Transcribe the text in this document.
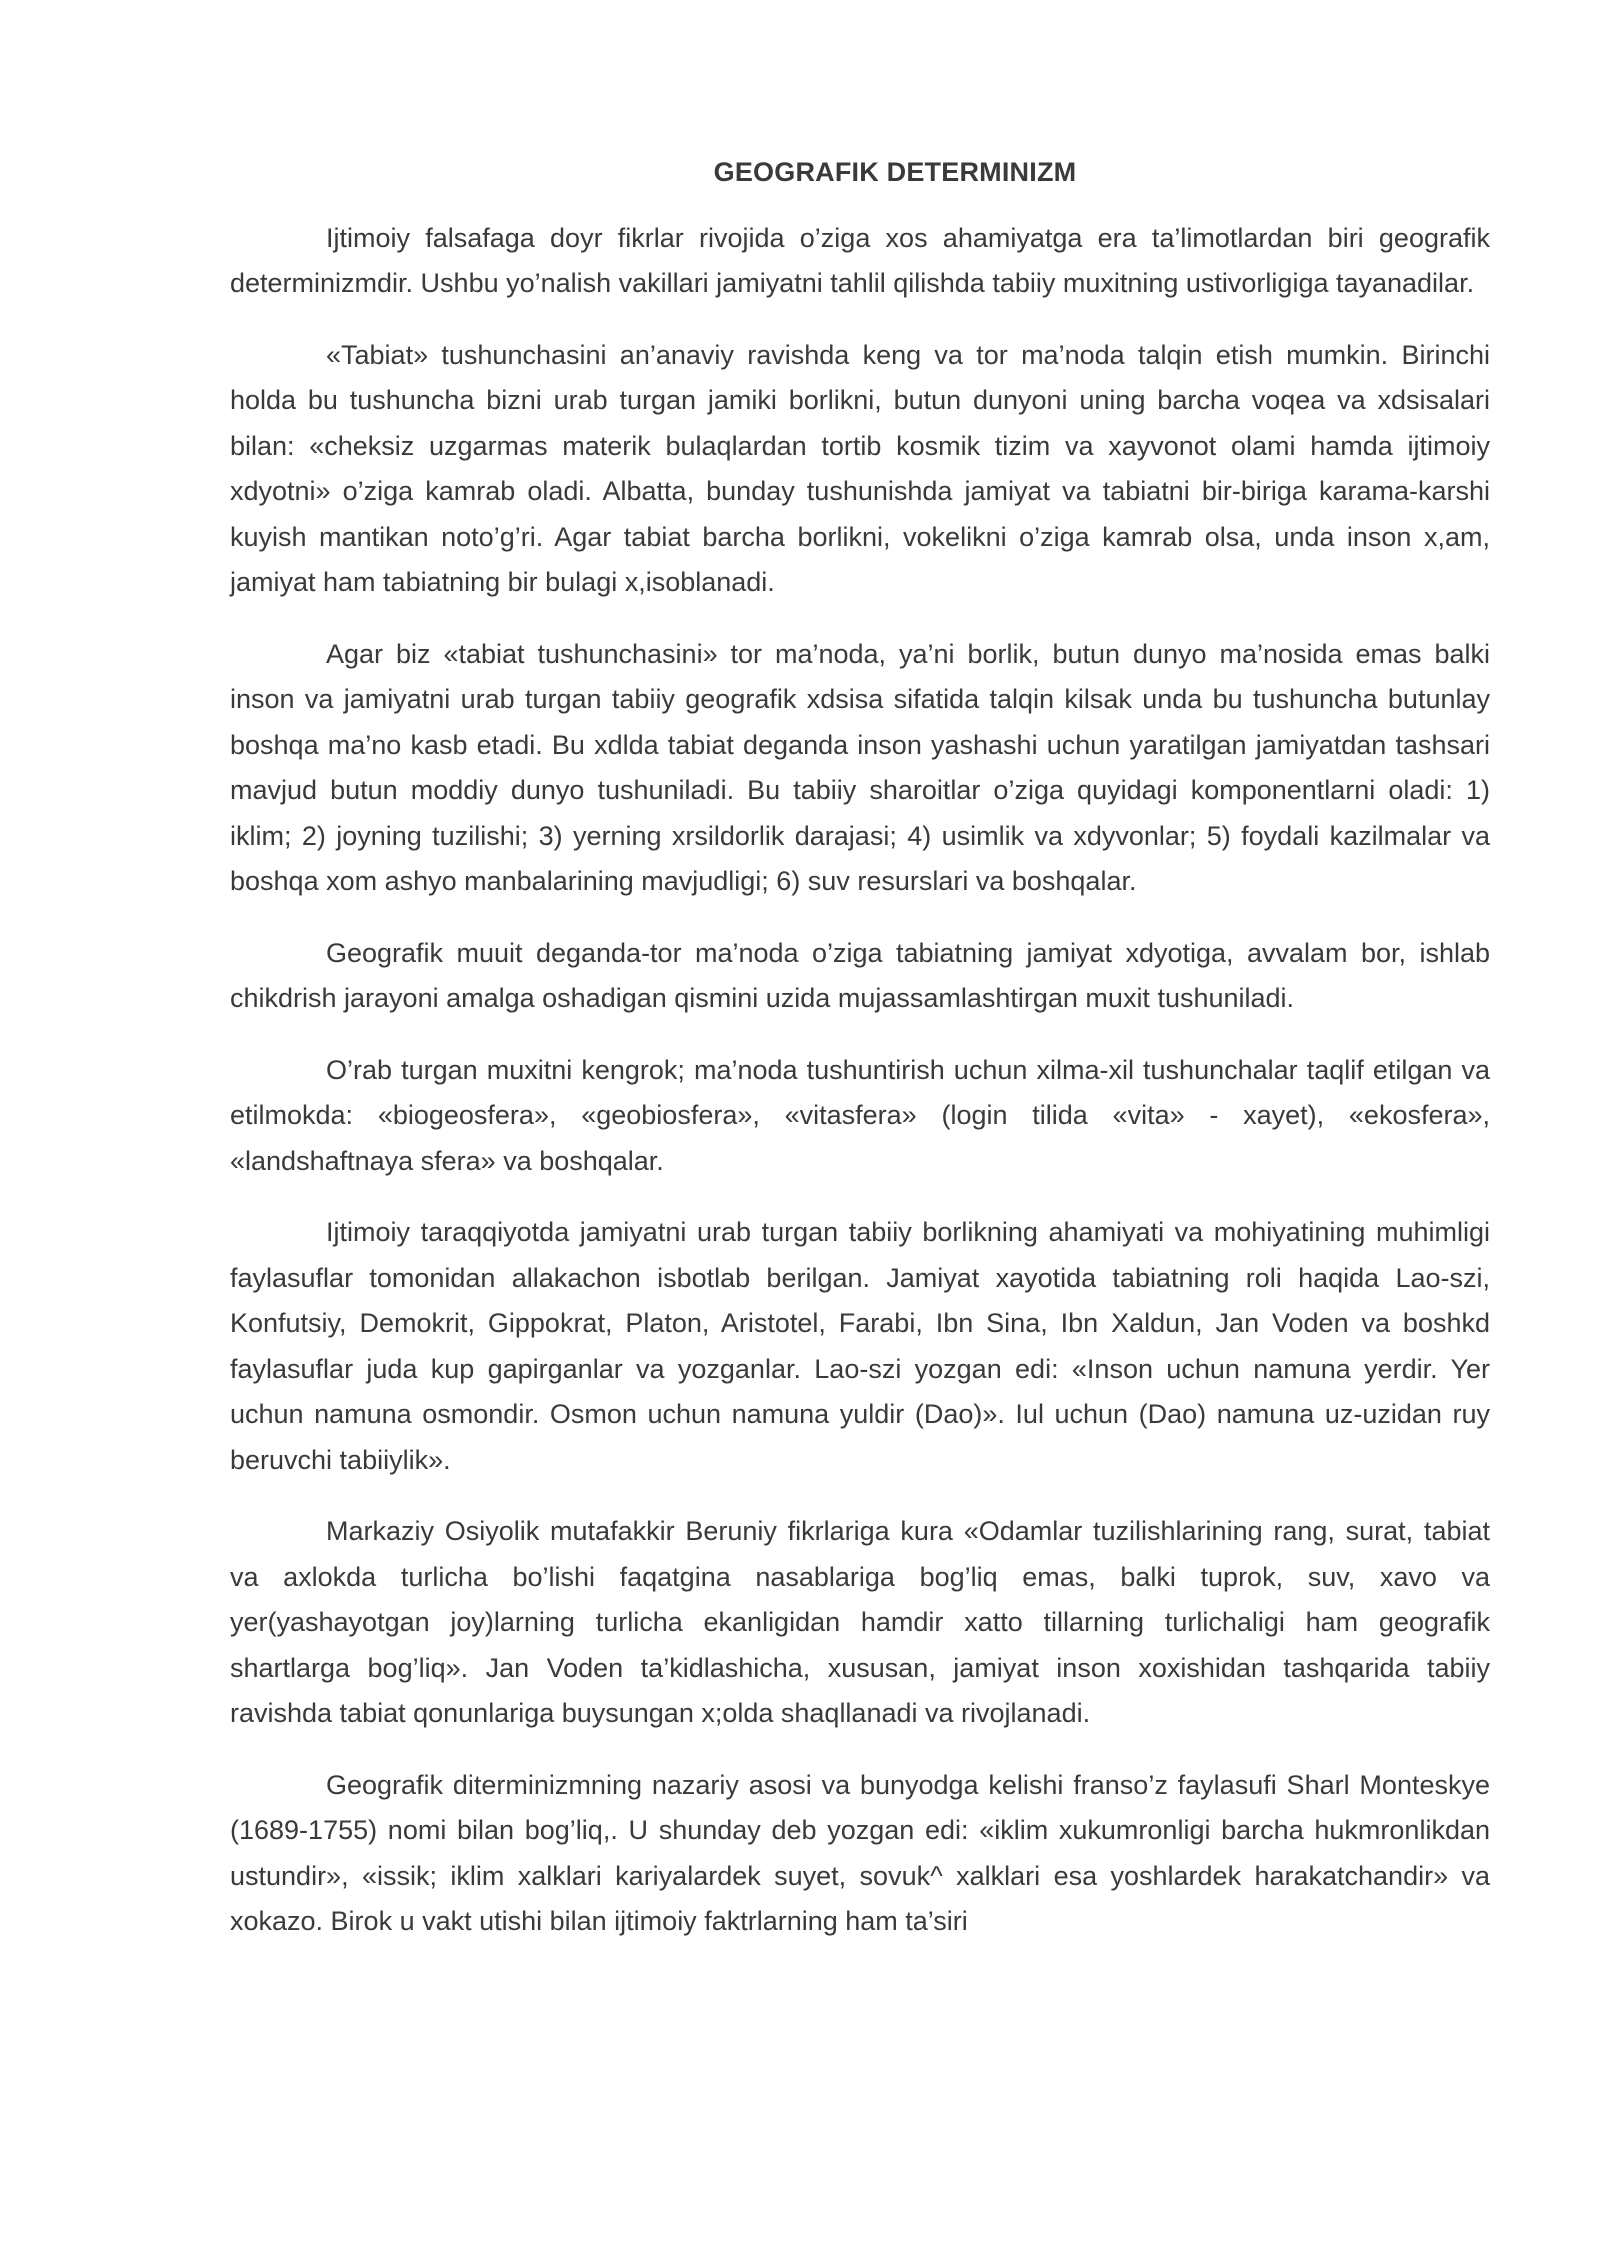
GEOGRAFIK DETERMINIZM

Ijtimoiy falsafaga doyr fikrlar rivojida o’ziga xos ahamiyatga era ta’limotlardan biri geografik determinizmdir. Ushbu yo’nalish vakillari jamiyatni tahlil qilishda tabiiy muxitning ustivorligiga tayanadilar.

«Tabiat» tushunchasini an’anaviy ravishda keng va tor ma’noda talqin etish mumkin. Birinchi holda bu tushuncha bizni urab turgan jamiki borlikni, butun dunyoni uning barcha voqea va xdsisalari bilan: «cheksiz uzgarmas materik bulaqlardan tortib kosmik tizim va xayvonot olami hamda ijtimoiy xdyotni» o’ziga kamrab oladi. Albatta, bunday tushunishda jamiyat va tabiatni bir-biriga karama-karshi kuyish mantikan noto’g’ri. Agar tabiat barcha borlikni, vokelikni o’ziga kamrab olsa, unda inson x,am, jamiyat ham tabiatning bir bulagi x,isoblanadi.

Agar biz «tabiat tushunchasini» tor ma’noda, ya’ni borlik, butun dunyo ma’nosida emas balki inson va jamiyatni urab turgan tabiiy geografik xdsisa sifatida talqin kilsak unda bu tushuncha butunlay boshqa ma’no kasb etadi. Bu xdlda tabiat deganda inson yashashi uchun yaratilgan jamiyatdan tashsari mavjud butun moddiy dunyo tushuniladi. Bu tabiiy sharoitlar o’ziga quyidagi komponentlarni oladi: 1) iklim; 2) joyning tuzilishi; 3) yerning xrsildorlik darajasi; 4) usimlik va xdyvonlar; 5) foydali kazilmalar va boshqa xom ashyo manbalarining mavjudligi; 6) suv resurslari va boshqalar.

Geografik muuit deganda-tor ma’noda o’ziga tabiatning jamiyat xdyotiga, avvalam bor, ishlab chikdrish jarayoni amalga oshadigan qismini uzida mujassamlashtirgan muxit tushuniladi.

O’rab turgan muxitni kengrok; ma’noda tushuntirish uchun xilma-xil tushunchalar taqlif etilgan va etilmokda: «biogeosfera», «geobiosfera», «vitasfera» (login tilida «vita» - xayet), «ekosfera», «landshaftnaya sfera» va boshqalar.

Ijtimoiy taraqqiyotda jamiyatni urab turgan tabiiy borlikning ahamiyati va mohiyatining muhimligi faylasuflar tomonidan allakachon isbotlab berilgan. Jamiyat xayotida tabiatning roli haqida Lao-szi, Konfutsiy, Demokrit, Gippokrat, Platon, Aristotel, Farabi, Ibn Sina, Ibn Xaldun, Jan Voden va boshkd faylasuflar juda kup gapirganlar va yozganlar. Lao-szi yozgan edi: «Inson uchun namuna yerdir. Yer uchun namuna osmondir. Osmon uchun namuna yuldir (Dao)». Iul uchun (Dao) namuna uz-uzidan ruy beruvchi tabiiylik».

Markaziy Osiyolik mutafakkir Beruniy fikrlariga kura «Odamlar tuzilishlarining rang, surat, tabiat va axlokda turlicha bo’lishi faqatgina nasablariga bog’liq emas, balki tuprok, suv, xavo va yer(yashayotgan joy)larning turlicha ekanligidan hamdir xatto tillarning turlichaligi ham geografik shartlarga bog’liq». Jan Voden ta’kidlashicha, xususan, jamiyat inson xoxishidan tashqarida tabiiy ravishda tabiat qonunlariga buysungan x;olda shaqllanadi va rivojlanadi.

Geografik diterminizmning nazariy asosi va bunyodga kelishi franso’z faylasufi Sharl Monteskye (1689-1755) nomi bilan bog’liq,. U shunday deb yozgan edi: «iklim xukumronligi barcha hukmronlikdan ustundir», «issik; iklim xalklari kariyalardek suyet, sovuk^ xalklari esa yoshlardek harakatchandir» va xokazo. Birok u vakt utishi bilan ijtimoiy faktrlarning ham ta’siri
